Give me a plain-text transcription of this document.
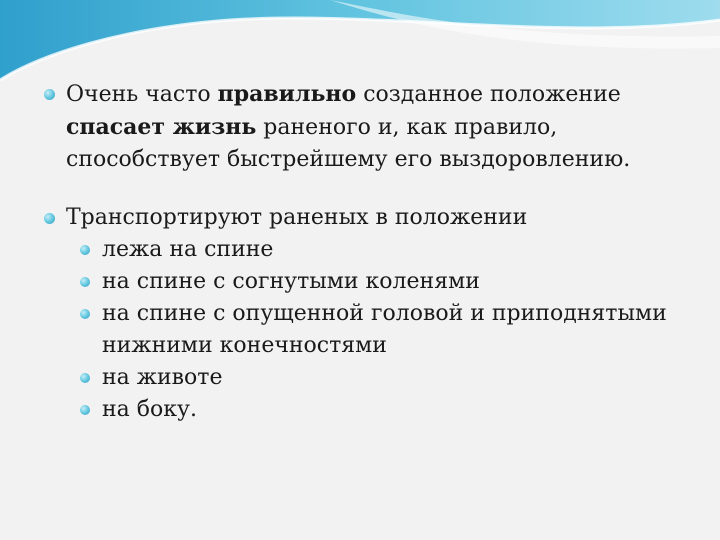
Очень часто правильно созданное положение спасает жизнь раненого и, как правило, способствует быстрейшему его выздоровлению.
Транспортируют раненых в положении
лежа на спине
на спине с согнутыми коленями
на спине с опущенной головой и приподнятыми нижними конечностями
на животе
на боку.
